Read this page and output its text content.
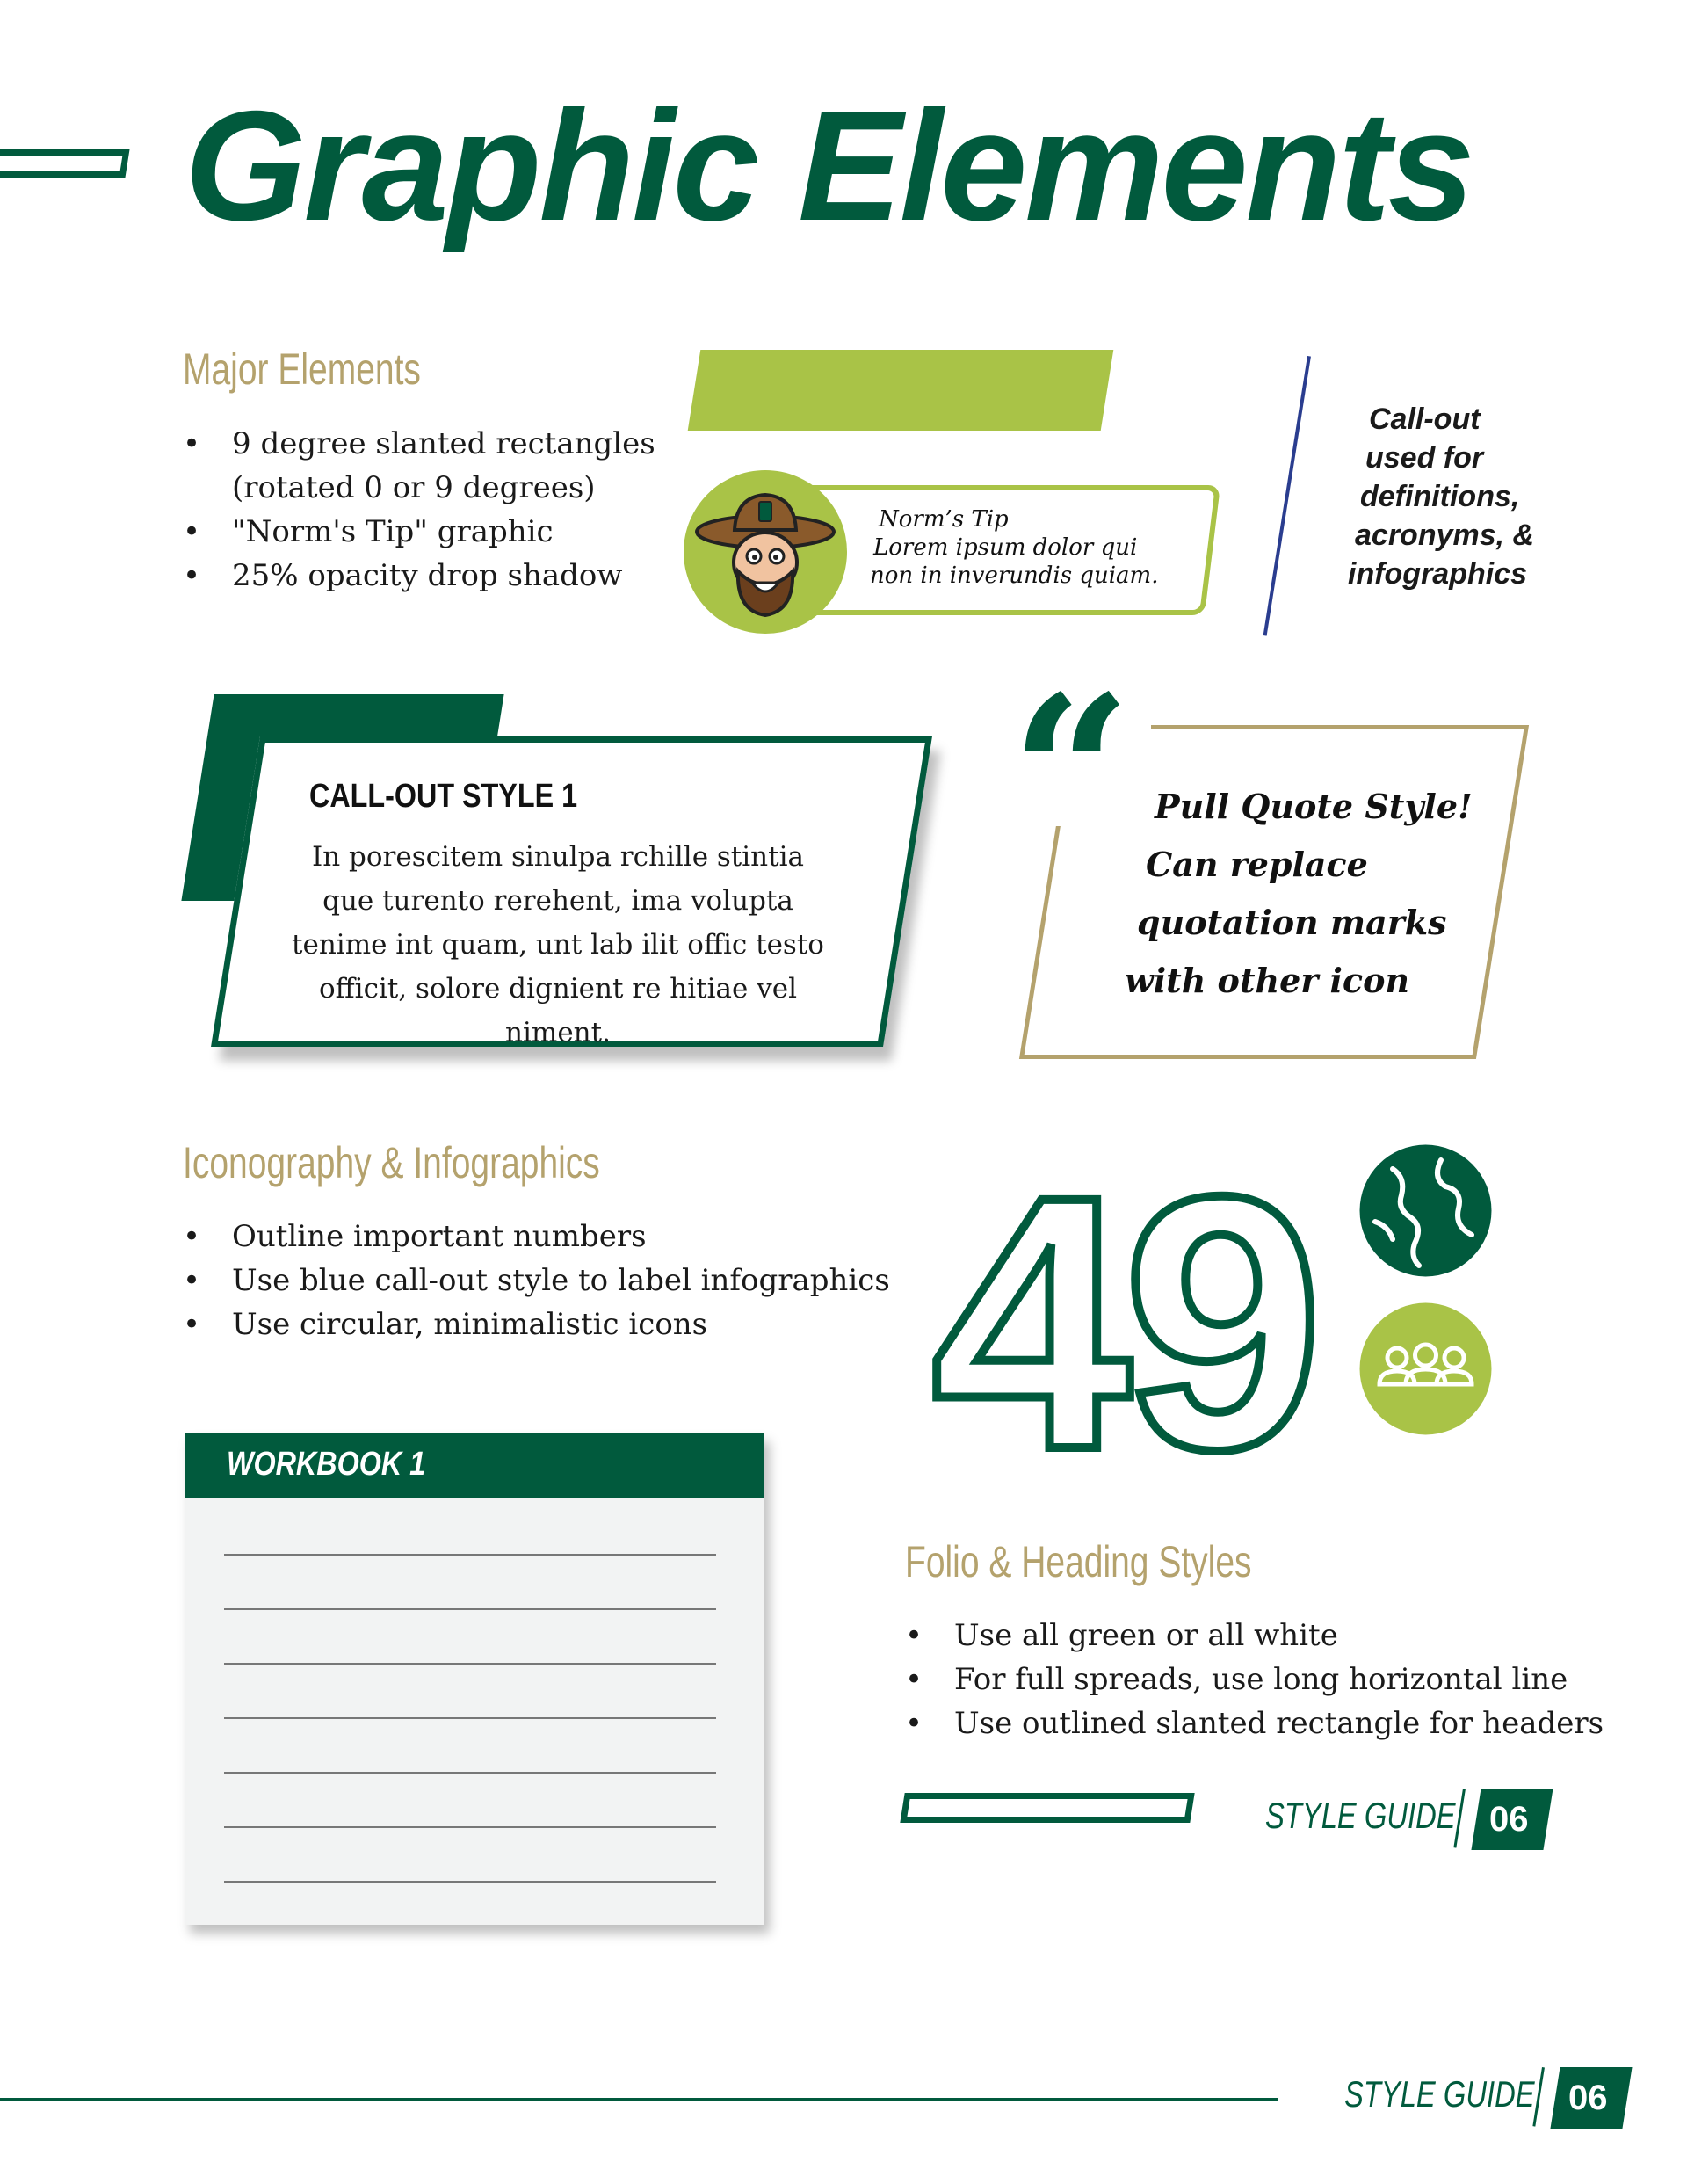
Graphic Elements
Major Elements
• 9 degree slanted rectangles
(rotated 0 or 9 degrees)
• "Norm's Tip" graphic
• 25% opacity drop shadow
Norm’s Tip
Lorem ipsum dolor qui
non in inverundis quiam.
Call-out
used for
definitions,
acronyms, &
infographics
CALL-OUT STYLE 1
In porescitem sinulpa rchille stintia que turento rerehent, ima volupta tenime int quam, unt lab ilit offic testo officit, solore dignient re hitiae vel niment.
“ Pull Quote Style!
Can replace
quotation marks
with other icon
Iconography & Infographics
• Outline important numbers
• Use blue call-out style to label infographics
• Use circular, minimalistic icons 49
WORKBOOK 1
Folio & Heading Styles
• Use all green or all white
• For full spreads, use long horizontal line
• Use outlined slanted rectangle for headers
STYLE GUIDE 06
STYLE GUIDE 06
